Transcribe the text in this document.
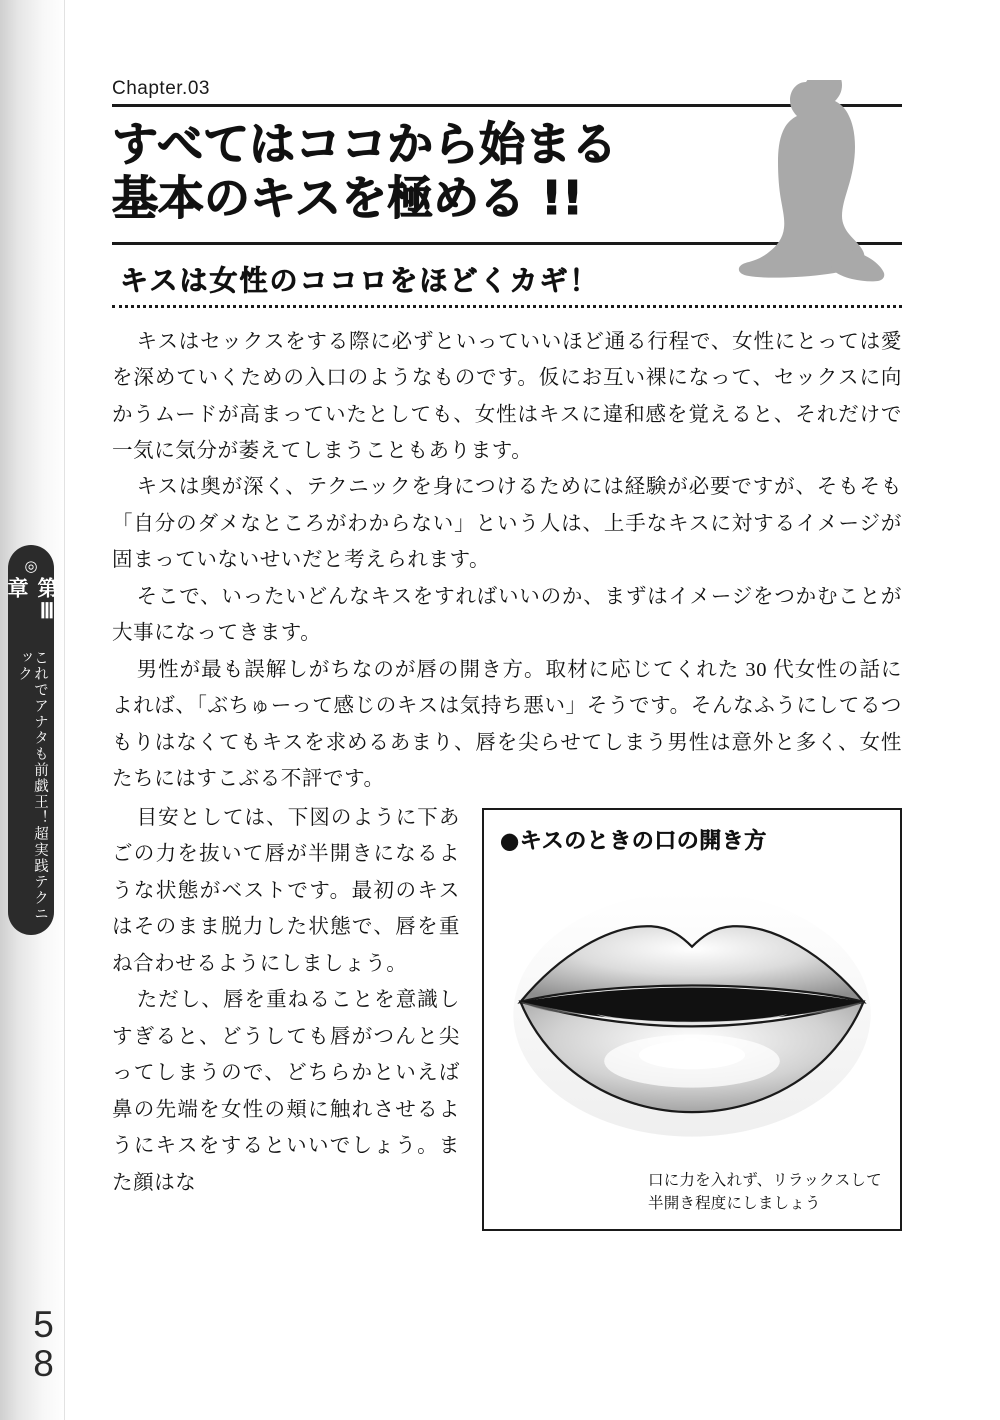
◎
第Ⅲ章
これでアナタも前戯王！超実践テクニック
58
Chapter.03
すべてはココから始まる
基本のキスを極める !!
キスは女性のココロをほどくカギ！

キスはセックスをする際に必ずといっていいほど通る行程で、女性にとっては愛を深めていくための入口のようなものです。仮にお互い裸になって、セックスに向かうムードが高まっていたとしても、女性はキスに違和感を覚えると、それだけで一気に気分が萎えてしまうこともあります。

キスは奥が深く、テクニックを身につけるためには経験が必要ですが、そもそも「自分のダメなところがわからない」という人は、上手なキスに対するイメージが固まっていないせいだと考えられます。

そこで、いったいどんなキスをすればいいのか、まずはイメージをつかむことが大事になってきます。

男性が最も誤解しがちなのが唇の開き方。取材に応じてくれた 30 代女性の話によれば、「ぶちゅーって感じのキスは気持ち悪い」そうです。そんなふうにしてるつもりはなくてもキスを求めるあまり、唇を尖らせてしまう男性は意外と多く、女性たちにはすこぶる不評です。

●キスのときの口の開き方
口に力を入れず、リラックスして半開き程度にしましょう

目安としては、下図のように下あごの力を抜いて唇が半開きになるような状態がベストです。最初のキスはそのまま脱力した状態で、唇を重ね合わせるようにしましょう。

ただし、唇を重ねることを意識しすぎると、どうしても唇がつんと尖ってしまうので、どちらかといえば鼻の先端を女性の頬に触れさせるようにキスをするといいでしょう。また顔はな
